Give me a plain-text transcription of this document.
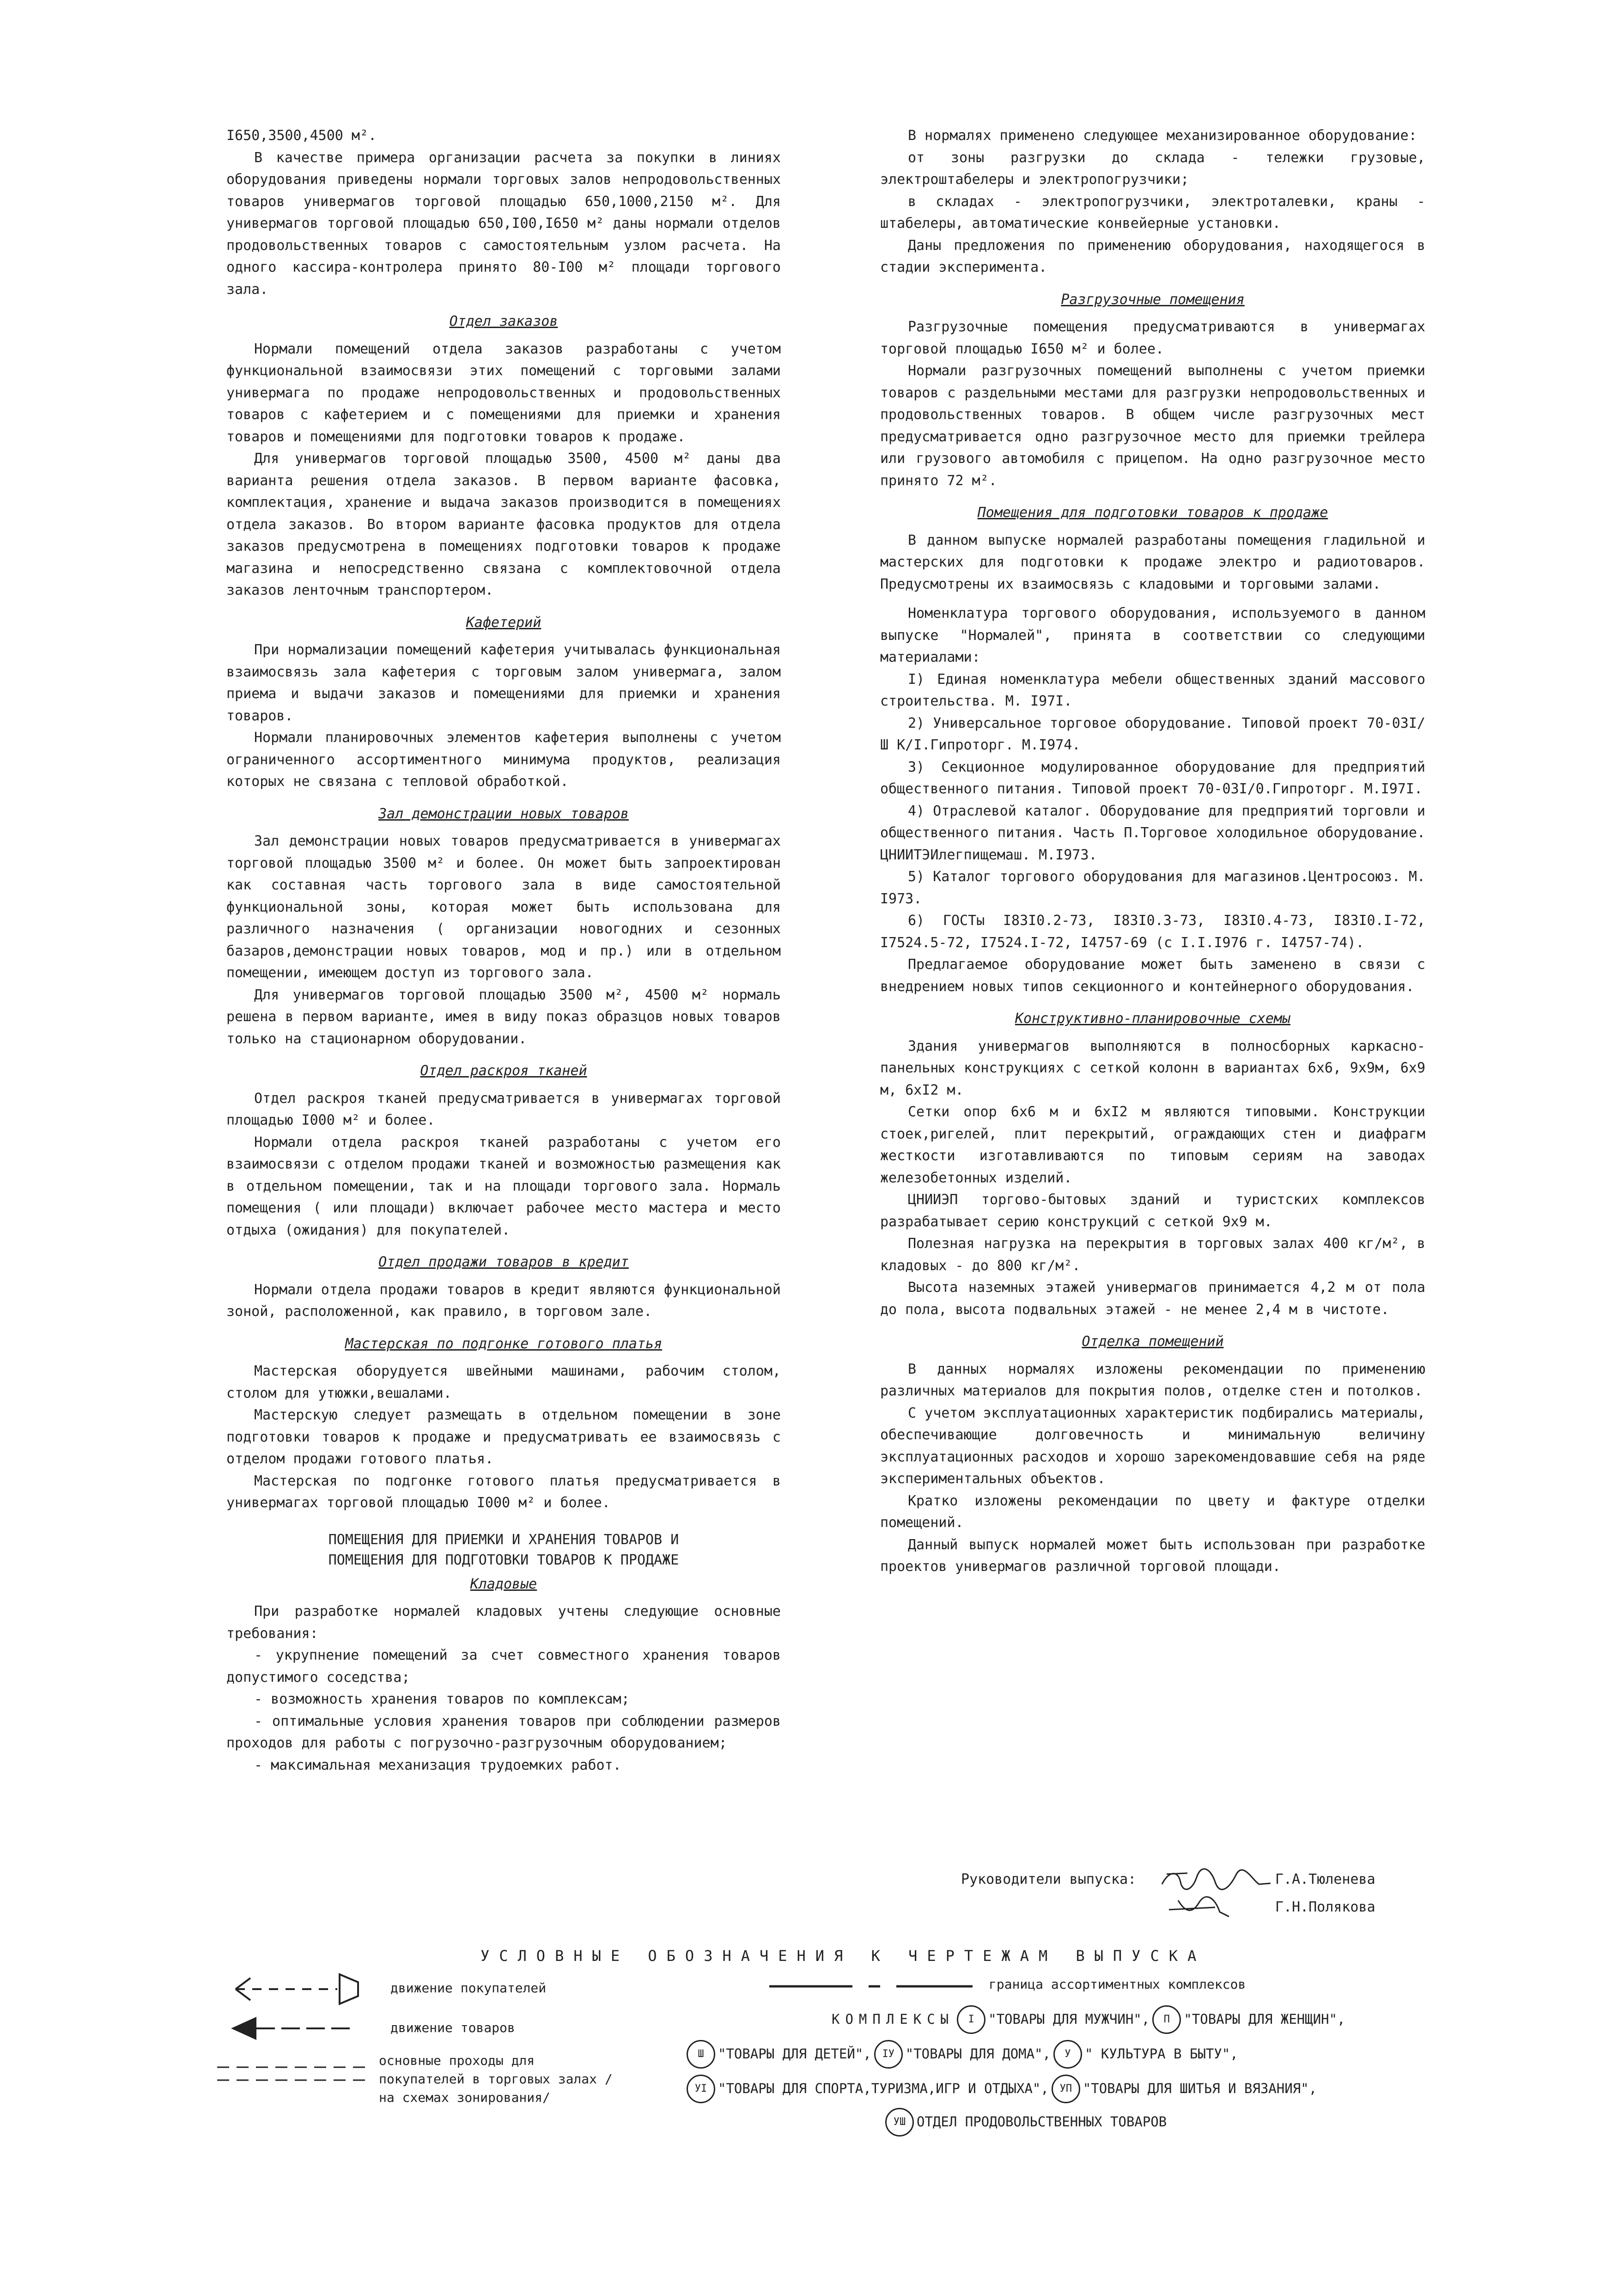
I650,3500,4500 м².

В качестве примера организации расчета за покупки в линиях оборудования приведены нормали торговых залов непродовольственных товаров универмагов торговой площадью 650,1000,2150 м². Для универмагов торговой площадью 650,I00,I650 м² даны нормали отделов продовольственных товаров с самостоятельным узлом расчета. На одного кассира-контролера принято 80-I00 м² площади торгового зала.

Отдел заказов

Нормали помещений отдела заказов разработаны с учетом функциональной взаимосвязи этих помещений с торговыми залами универмага по продаже непродовольственных и продовольственных товаров с кафетерием и с помещениями для приемки и хранения товаров и помещениями для подготовки товаров к продаже.

Для универмагов торговой площадью 3500, 4500 м² даны два варианта решения отдела заказов. В первом варианте фасовка, комплектация, хранение и выдача заказов производится в помещениях отдела заказов. Во втором варианте фасовка продуктов для отдела заказов предусмотрена в помещениях подготовки товаров к продаже магазина и непосредственно связана с комплектовочной отдела заказов ленточным транспортером.

Кафетерий

При нормализации помещений кафетерия учитывалась функциональная взаимосвязь зала кафетерия с торговым залом универмага, залом приема и выдачи заказов и помещениями для приемки и хранения товаров.

Нормали планировочных элементов кафетерия выполнены с учетом ограниченного ассортиментного минимума продуктов, реализация которых не связана с тепловой обработкой.

Зал демонстрации новых товаров

Зал демонстрации новых товаров предусматривается в универмагах торговой площадью 3500 м² и более. Он может быть запроектирован как составная часть торгового зала в виде самостоятельной функциональной зоны, которая может быть использована для различного назначения ( организации новогодних и сезонных базаров,демонстрации новых товаров, мод и пр.) или в отдельном помещении, имеющем доступ из торгового зала.

Для универмагов торговой площадью 3500 м², 4500 м² нормаль решена в первом варианте, имея в виду показ образцов новых товаров только на стационарном оборудовании.

Отдел раскроя тканей

Отдел раскроя тканей предусматривается в универмагах торговой площадью I000 м² и более.

Нормали отдела раскроя тканей разработаны с учетом его взаимосвязи с отделом продажи тканей и возможностью размещения как в отдельном помещении, так и на площади торгового зала. Нормаль помещения ( или площади) включает рабочее место мастера и место отдыха (ожидания) для покупателей.

Отдел продажи товаров в кредит

Нормали отдела продажи товаров в кредит являются функциональной зоной, расположенной, как правило, в торговом зале.

Мастерская по подгонке готового платья

Мастерская оборудуется швейными машинами, рабочим столом, столом для утюжки,вешалами.

Мастерскую следует размещать в отдельном помещении в зоне подготовки товаров к продаже и предусматривать ее взаимосвязь с отделом продажи готового платья.

Мастерская по подгонке готового платья предусматривается в универмагах торговой площадью I000 м² и более.

ПОМЕЩЕНИЯ ДЛЯ ПРИЕМКИ И ХРАНЕНИЯ ТОВАРОВ И
ПОМЕЩЕНИЯ ДЛЯ ПОДГОТОВКИ ТОВАРОВ К ПРОДАЖЕ
Кладовые

При разработке нормалей кладовых учтены следующие основные требования:

- укрупнение помещений за счет совместного хранения товаров допустимого соседства;

- возможность хранения товаров по комплексам;

- оптимальные условия хранения товаров при соблюдении размеров проходов для работы с погрузочно-разгрузочным оборудованием;

- максимальная механизация трудоемких работ.

В нормалях применено следующее механизированное оборудование:

от зоны разгрузки до склада - тележки грузовые, электроштабелеры и электропогрузчики;

в складах - электропогрузчики, электроталевки, краны - штабелеры, автоматические конвейерные установки.

Даны предложения по применению оборудования, находящегося в стадии эксперимента.

Разгрузочные помещения

Разгрузочные помещения предусматриваются в универмагах торговой площадью I650 м² и более.

Нормали разгрузочных помещений выполнены с учетом приемки товаров с раздельными местами для разгрузки непродовольственных и продовольственных товаров. В общем числе разгрузочных мест предусматривается одно разгрузочное место для приемки трейлера или грузового автомобиля с прицепом. На одно разгрузочное место принято 72 м².

Помещения для подготовки товаров к продаже

В данном выпуске нормалей разработаны помещения гладильной и мастерских для подготовки к продаже электро и радиотоваров. Предусмотрены их взаимосвязь с кладовыми и торговыми залами.

Номенклатура торгового оборудования, используемого в данном выпуске "Нормалей", принята в соответствии со следующими материалами:

I) Единая номенклатура мебели общественных зданий массового строительства. М. I97I.

2) Универсальное торговое оборудование. Типовой проект 70-03I/Ш К/I.Гипроторг. М.I974.

3) Секционное модулированное оборудование для предприятий общественного питания. Типовой проект 70-03I/0.Гипроторг. М.I97I.

4) Отраслевой каталог. Оборудование для предприятий торговли и общественного питания. Часть П.Торговое холодильное оборудование. ЦНИИТЭИлегпищемаш. М.I973.

5) Каталог торгового оборудования для магазинов.Центросоюз. М. I973.

6) ГОСТы I83I0.2-73, I83I0.3-73, I83I0.4-73, I83I0.I-72, I7524.5-72, I7524.I-72, I4757-69 (с I.I.I976 г. I4757-74).

Предлагаемое оборудование может быть заменено в связи с внедрением новых типов секционного и контейнерного оборудования.

Конструктивно-планировочные схемы

Здания универмагов выполняются в полносборных каркасно-панельных конструкциях с сеткой колонн в вариантах 6х6, 9х9м, 6х9 м, 6хI2 м.

Сетки опор 6х6 м и 6хI2 м являются типовыми. Конструкции стоек,ригелей, плит перекрытий, ограждающих стен и диафрагм жесткости изготавливаются по типовым сериям на заводах железобетонных изделий.

ЦНИИЭП торгово-бытовых зданий и туристских комплексов разрабатывает серию конструкций с сеткой 9х9 м.

Полезная нагрузка на перекрытия в торговых залах 400 кг/м², в кладовых - до 800 кг/м².

Высота наземных этажей универмагов принимается 4,2 м от пола до пола, высота подвальных этажей - не менее 2,4 м в чистоте.

Отделка помещений

В данных нормалях изложены рекомендации по применению различных материалов для покрытия полов, отделке стен и потолков.

С учетом эксплуатационных характеристик подбирались материалы, обеспечивающие долговечность и минимальную величину эксплуатационных расходов и хорошо зарекомендовавшие себя на ряде экспериментальных объектов.

Кратко изложены рекомендации по цвету и фактуре отделки помещений.

Данный выпуск нормалей может быть использован при разработке проектов универмагов различной торговой площади.

Руководители выпуска:	Г.А.Тюленева
Г.Н.Полякова
УСЛОВНЫЕ ОБОЗНАЧЕНИЯ К ЧЕРТЕЖАМ ВЫПУСКА
движение покупателей
движение товаров
основные проходы для покупателей в торговых залах / на схемах зонирования/
граница ассортиментных комплексов
КОМПЛЕКСЫ	I	"ТОВАРЫ ДЛЯ МУЖЧИН",	П	"ТОВАРЫ ДЛЯ ЖЕНЩИН",
Ш	"ТОВАРЫ ДЛЯ ДЕТЕЙ",	IУ "ТОВАРЫ ДЛЯ ДОМА",	У	" КУЛЬТУРА В БЫТУ",
УI "ТОВАРЫ ДЛЯ СПОРТА,ТУРИЗМА,ИГР И ОТДЫХА",	УП "ТОВАРЫ ДЛЯ ШИТЬЯ И ВЯЗАНИЯ",
УШ ОТДЕЛ ПРОДОВОЛЬСТВЕННЫХ ТОВАРОВ
